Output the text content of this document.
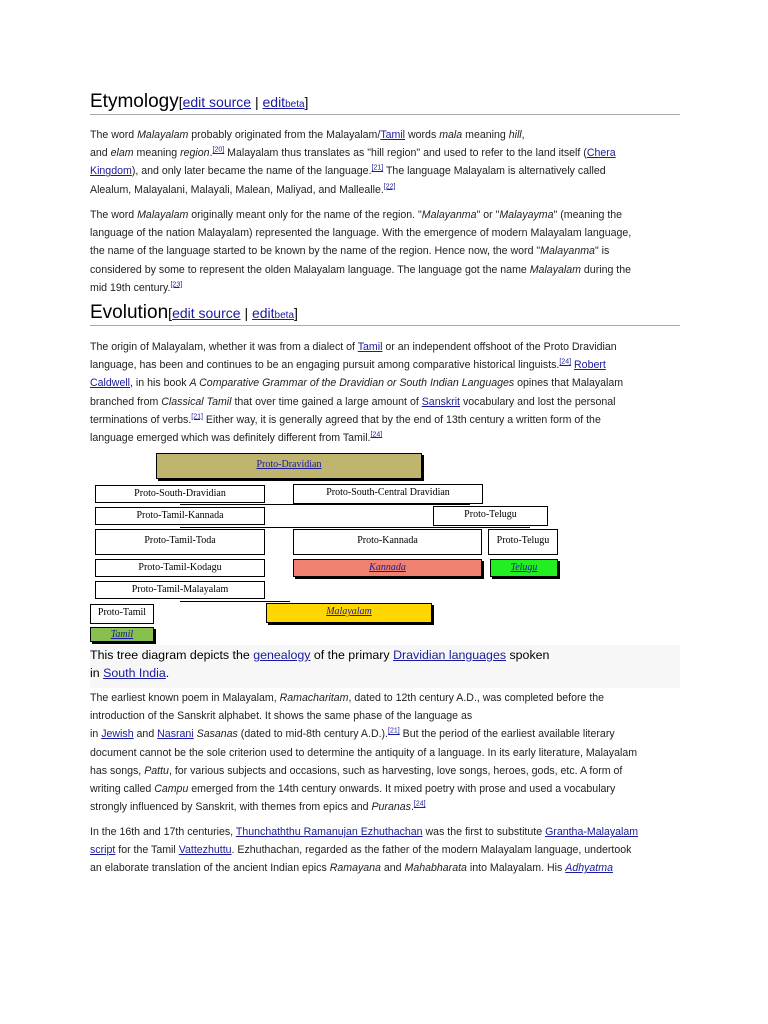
Etymology[edit source | editbeta]
The word Malayalam probably originated from the Malayalam/Tamil words mala meaning hill,
and elam meaning region.[20] Malayalam thus translates as "hill region" and used to refer to the land itself (Chera
Kingdom), and only later became the name of the language.[21] The language Malayalam is alternatively called
Alealum, Malayalani, Malayali, Malean, Maliyad, and Mallealle.[22]
The word Malayalam originally meant only for the name of the region. "Malayanma" or "Malayayma" (meaning the
language of the nation Malayalam) represented the language. With the emergence of modern Malayalam language,
the name of the language started to be known by the name of the region. Hence now, the word "Malayanma" is
considered by some to represent the olden Malayalam language. The language got the name Malayalam during the
mid 19th century.[23]
Evolution[edit source | editbeta]
The origin of Malayalam, whether it was from a dialect of Tamil or an independent offshoot of the Proto Dravidian
language, has been and continues to be an engaging pursuit among comparative historical linguists.[24] Robert
Caldwell, in his book A Comparative Grammar of the Dravidian or South Indian Languages opines that Malayalam
branched from Classical Tamil that over time gained a large amount of Sanskrit vocabulary and lost the personal
terminations of verbs.[21] Either way, it is generally agreed that by the end of 13th century a written form of the
language emerged which was definitely different from Tamil.[24]
Proto-Dravidian
Proto-South-Dravidian	Proto-South-Central Dravidian
Proto-Tamil-Kannada	Proto-Telugu
Proto-Tamil-Toda	Proto-Kannada	Proto-Telugu
Proto-Tamil-Kodagu	Kannada	Telugu
Proto-Tamil-Malayalam
Proto-Tamil	Malayalam
Tamil
This tree diagram depicts the genealogy of the primary Dravidian languages spoken
in South India.
The earliest known poem in Malayalam, Ramacharitam, dated to 12th century A.D., was completed before the
introduction of the Sanskrit alphabet. It shows the same phase of the language as
in Jewish and Nasrani Sasanas (dated to mid-8th century A.D.).[21] But the period of the earliest available literary
document cannot be the sole criterion used to determine the antiquity of a language. In its early literature, Malayalam
has songs, Pattu, for various subjects and occasions, such as harvesting, love songs, heroes, gods, etc. A form of
writing called Campu emerged from the 14th century onwards. It mixed poetry with prose and used a vocabulary
strongly influenced by Sanskrit, with themes from epics and Puranas.[24]
In the 16th and 17th centuries, Thunchaththu Ramanujan Ezhuthachan was the first to substitute Grantha-Malayalam
script for the Tamil Vattezhuttu. Ezhuthachan, regarded as the father of the modern Malayalam language, undertook
an elaborate translation of the ancient Indian epics Ramayana and Mahabharata into Malayalam. His Adhyatma
